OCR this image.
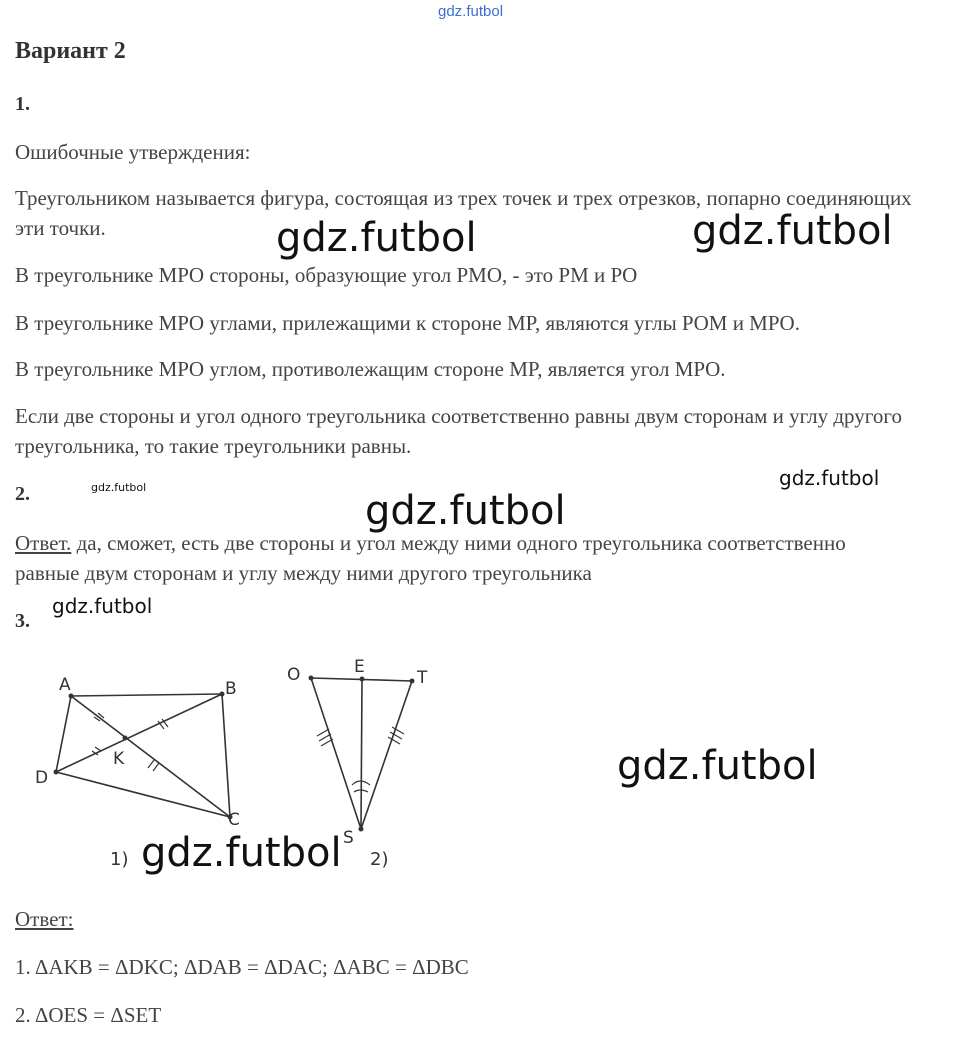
gdz.futbol
Вариант 2
1.

Ошибочные утверждения:

Треугольником называется фигура, состоящая из трех точек и трех отрезков, попарно соединяющих эти точки.

В треугольнике MPO стороны, образующие угол PMO, - это PM и PO

В треугольнике MPO углами, прилежащими к стороне MP, являются углы POM и MPO.

В треугольнике MPO углом, противолежащим стороне MP, является угол MPO.

Если две стороны и угол одного треугольника соответственно равны двум сторонам и углу другого треугольника, то такие треугольники равны.

2.

Ответ. да, сможет, есть две стороны и угол между ними одного треугольника соответственно равные двум сторонам и углу между ними другого треугольника

3.
A	B
C
D
K
1)
O	E
T
S
2)

Ответ:

1. ΔAKB = ΔDKC; ΔDAB = ΔDAC; ΔABC = ΔDBC

2. ΔOES = ΔSET

gdz.futbol	gdz.futbol
gdz.futbol	gdz.futbol
gdz.futbol
gdz.futbol
gdz.futbol
gdz.futbol
